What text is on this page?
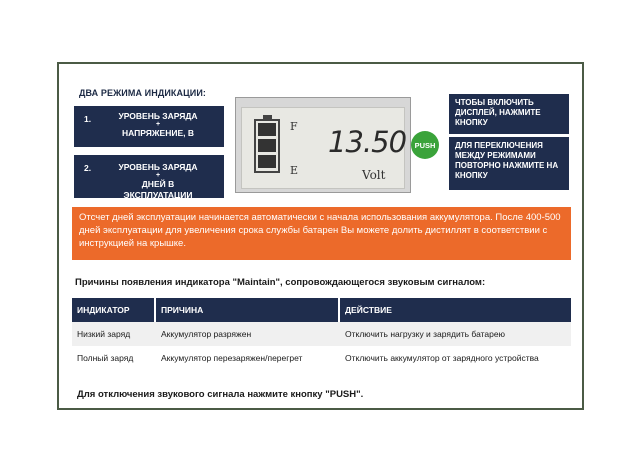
ДВА РЕЖИМА ИНДИКАЦИИ:
1.	УРОВЕНЬ ЗАРЯДА
+
НАПРЯЖЕНИЕ, В
2.	УРОВЕНЬ ЗАРЯДА
+
ДНЕЙ В ЭКСПЛУАТАЦИИ
F
E
13.50
Volt
PUSH
ЧТОБЫ ВКЛЮЧИТЬ ДИСПЛЕЙ, НАЖМИТЕ КНОПКУ
ДЛЯ ПЕРЕКЛЮЧЕНИЯ МЕЖДУ РЕЖИМАМИ ПОВТОРНО НАЖМИТЕ НА КНОПКУ
Отсчет дней эксплуатации начинается автоматически с начала использования аккумулятора. После 400-500 дней эксплуатации для увеличения срока службы батарен Вы можете долить дистиллят в соответствии с инструкцией на крышке.
Причины появления индикатора "Maintain", сопровождающегося звуковым сигналом:
ИНДИКАТОР	ПРИЧИНА	ДЕЙСТВИЕ
Низкий заряд	Аккумулятор разряжен	Отключить нагрузку и зарядить батарею
Полный заряд	Аккумулятор перезаряжен/перегрет	Отключить аккумулятор от зарядного устройства
Для отключения звукового сигнала нажмите кнопку "PUSH".
